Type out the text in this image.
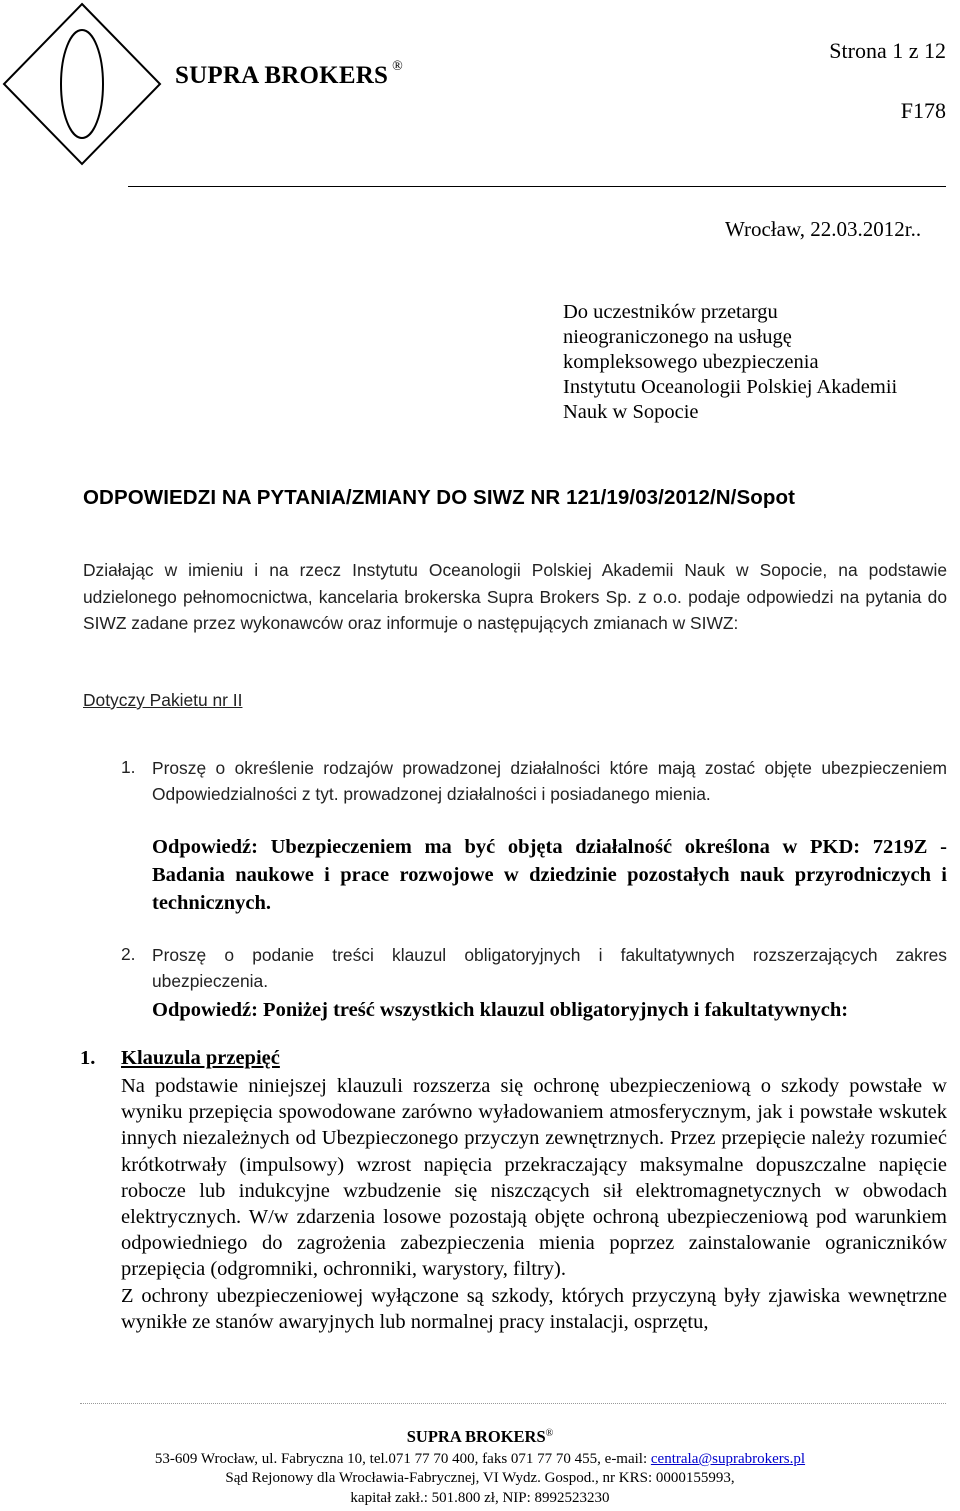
SUPRA BROKERS ®
Strona 1 z 12
F178
Wrocław, 22.03.2012r..
Do uczestników przetargu
nieograniczonego na usługę
kompleksowego ubezpieczenia
Instytutu Oceanologii Polskiej Akademii
Nauk w Sopocie
ODPOWIEDZI NA PYTANIA/ZMIANY DO SIWZ NR 121/19/03/2012/N/Sopot
Działając w imieniu i na rzecz Instytutu Oceanologii Polskiej Akademii Nauk w Sopocie, na podstawie udzielonego pełnomocnictwa, kancelaria brokerska Supra Brokers Sp. z o.o. podaje odpowiedzi na pytania do SIWZ zadane przez wykonawców oraz informuje o następujących zmianach w SIWZ:
Dotyczy Pakietu nr II
1. Proszę o określenie rodzajów prowadzonej działalności które mają zostać objęte ubezpieczeniem Odpowiedzialności z tyt. prowadzonej działalności i posiadanego mienia.
Odpowiedź: Ubezpieczeniem ma być objęta działalność określona w PKD: 7219Z - Badania naukowe i prace rozwojowe w dziedzinie pozostałych nauk przyrodniczych i technicznych.
2. Proszę o podanie treści klauzul obligatoryjnych i fakultatywnych rozszerzających zakres ubezpieczenia.
Odpowiedź: Poniżej treść wszystkich klauzul obligatoryjnych i fakultatywnych:
1. Klauzula przepięć
Na podstawie niniejszej klauzuli rozszerza się ochronę ubezpieczeniową o szkody powstałe w wyniku przepięcia spowodowane zarówno wyładowaniem atmosferycznym, jak i powstałe wskutek innych niezależnych od Ubezpieczonego przyczyn zewnętrznych. Przez przepięcie należy rozumieć krótkotrwały (impulsowy) wzrost napięcia przekraczający maksymalne dopuszczalne napięcie robocze lub indukcyjne wzbudzenie się niszczących sił elektromagnetycznych w obwodach elektrycznych. W/w zdarzenia losowe pozostają objęte ochroną ubezpieczeniową pod warunkiem odpowiedniego do zagrożenia zabezpieczenia mienia poprzez zainstalowanie ograniczników przepięcia (odgromniki, ochronniki, warystory, filtry).
Z ochrony ubezpieczeniowej wyłączone są szkody, których przyczyną były zjawiska wewnętrzne wynikłe ze stanów awaryjnych lub normalnej pracy instalacji, osprzętu,
SUPRA BROKERS®
53-609 Wrocław, ul. Fabryczna 10, tel.071 77 70 400, faks 071 77 70 455, e-mail: centrala@suprabrokers.pl
Sąd Rejonowy dla Wrocławia-Fabrycznej, VI Wydz. Gospod., nr KRS: 0000155993,
kapitał zakł.: 501.800 zł, NIP: 8992523230
